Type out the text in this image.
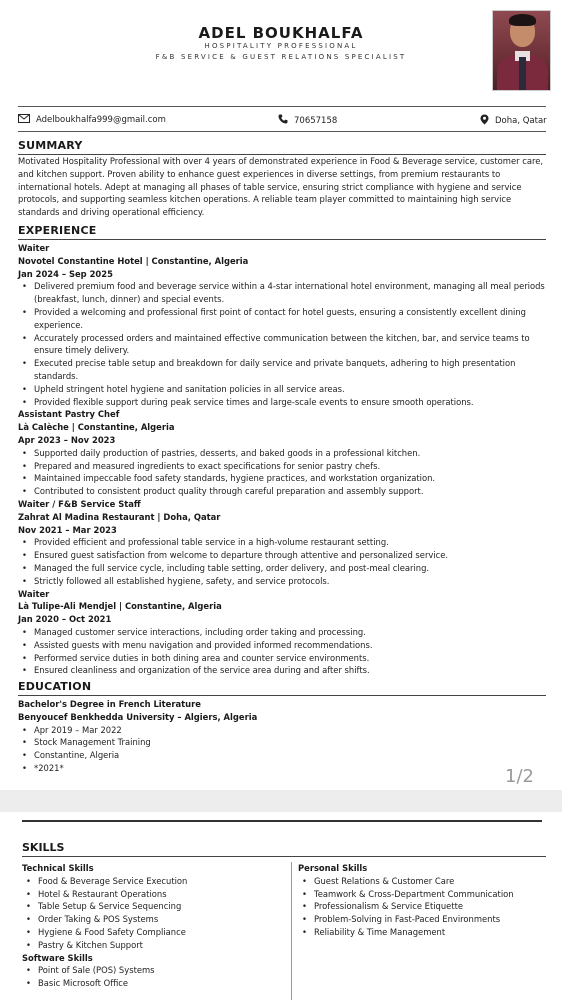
ADEL BOUKHALFA
HOSPITALITY PROFESSIONAL
F&B SERVICE & GUEST RELATIONS SPECIALIST
Adelboukhalfa999@gmail.com	70657158	Doha, Qatar
SUMMARY
Motivated Hospitality Professional with over 4 years of demonstrated experience in Food & Beverage service, customer care, and kitchen support. Proven ability to enhance guest experiences in diverse settings, from premium restaurants to international hotels. Adept at managing all phases of table service, ensuring strict compliance with hygiene and service protocols, and supporting seamless kitchen operations. A reliable team player committed to maintaining high service standards and driving operational efficiency.
EXPERIENCE
Waiter
Novotel Constantine Hotel | Constantine, Algeria
Jan 2024 – Sep 2025
• Delivered premium food and beverage service within a 4-star international hotel environment, managing all meal periods (breakfast, lunch, dinner) and special events.
• Provided a welcoming and professional first point of contact for hotel guests, ensuring a consistently excellent dining experience.
• Accurately processed orders and maintained effective communication between the kitchen, bar, and service teams to ensure timely delivery.
• Executed precise table setup and breakdown for daily service and private banquets, adhering to high presentation standards.
• Upheld stringent hotel hygiene and sanitation policies in all service areas.
• Provided flexible support during peak service times and large-scale events to ensure smooth operations.
Assistant Pastry Chef
Là Calèche | Constantine, Algeria
Apr 2023 – Nov 2023
• Supported daily production of pastries, desserts, and baked goods in a professional kitchen.
• Prepared and measured ingredients to exact specifications for senior pastry chefs.
• Maintained impeccable food safety standards, hygiene practices, and workstation organization.
• Contributed to consistent product quality through careful preparation and assembly support.
Waiter / F&B Service Staff
Zahrat Al Madina Restaurant | Doha, Qatar
Nov 2021 – Mar 2023
• Provided efficient and professional table service in a high-volume restaurant setting.
• Ensured guest satisfaction from welcome to departure through attentive and personalized service.
• Managed the full service cycle, including table setting, order delivery, and post-meal clearing.
• Strictly followed all established hygiene, safety, and service protocols.
Waiter
Là Tulipe-Ali Mendjel | Constantine, Algeria
Jan 2020 – Oct 2021
• Managed customer service interactions, including order taking and processing.
• Assisted guests with menu navigation and provided informed recommendations.
• Performed service duties in both dining area and counter service environments.
• Ensured cleanliness and organization of the service area during and after shifts.
EDUCATION
Bachelor's Degree in French Literature
Benyoucef Benkhedda University – Algiers, Algeria
• Apr 2019 – Mar 2022
• Stock Management Training
• Constantine, Algeria
• *2021*	1/2
SKILLS
Technical Skills
• Food & Beverage Service Execution
• Hotel & Restaurant Operations
• Table Setup & Service Sequencing
• Order Taking & POS Systems
• Hygiene & Food Safety Compliance
• Pastry & Kitchen Support
Software Skills
• Point of Sale (POS) Systems
• Basic Microsoft Office
Personal Skills
• Guest Relations & Customer Care
• Teamwork & Cross-Department Communication
• Professionalism & Service Etiquette
• Problem-Solving in Fast-Paced Environments
• Reliability & Time Management
